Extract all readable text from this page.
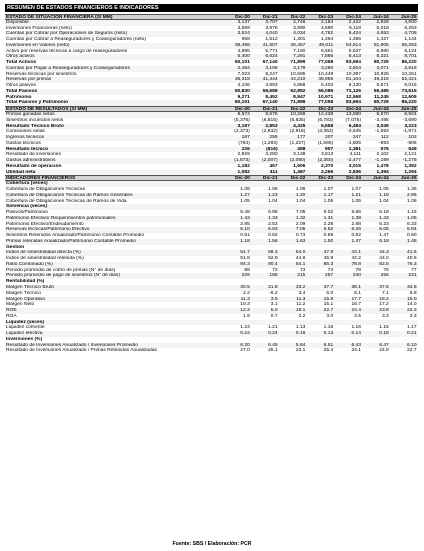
RESUMEN DE ESTADOS FINANCIEROS E INDICADORES
ESTADO DE SITUACION FINANCIERA (S/ MM)	Dic-20	Dic-21	Dic-22	Dic-23	Dic-24	Jun-24	Jun-25
Disponible	3,137	3,707	2,746	2,184	2,422	2,828	4,000
Inversiones Financieras (neto)	3,599	3,978	3,990	4,690	5,118	5,018	6,263
Cuentas por Cobrar por Operaciones de Seguros (neto)	3,624	4,040	4,034	4,782	5,424	4,653	4,705
Cuentas por Cobrar a Reaseguradores y Coaseguradores (neto)	958	1,512	1,301	1,464	1,266	1,427	1,144
Inversiones en Valores (neto)	38,498	41,507	45,457	49,011	54,514	51,905	55,263
Activo por reservas técnicas a cargo de reaseguradores	4,895	5,771	7,160	6,661	6,537	6,880	6,124
Otros activos	5,400	6,624	7,291	7,866	8,413	8,321	8,701
Total Activos	60,101	67,140	71,899	77,058	83,694	80,729	86,220
Cuentas por Pagar a Reaseguradores y Coaseguradores	2,484	3,108	3,179	3,280	3,504	3,071	2,918
Reservas técnicas por siniestros	7,023	9,247	10,695	10,449	10,387	10,826	10,261
Reservas por primas	36,318	41,444	44,210	48,955	51,104	49,215	52,421
Otros pasivos	4,106	4,893	4,868	5,403	6,130	6,571	8,015
Total Pasivos	50,830	58,688	62,952	66,086	71,126	69,485	73,615
Patrimonio	9,271	8,452	8,947	10,971	12,568	11,245	12,605
Total Pasivos y Patrimonio	60,101	67,140	71,899	77,058	83,694	80,729	86,220
ESTADO DE RESULTADOS (S/ MM)	Dic-20	Dic-21	Dic-22	Dic-23	Dic-24	Jun-24	Jun-25
Primas ganadas netas	8,574	9,675	10,268	12,438	13,590	6,570	6,924
Siniestros incurridos netos	(5,376)	(6,815)	(5,835)	(6,783)	(7,075)	-3,495	-3,690
Resultado Técnico Bruto	3,197	2,853	4,425	5,658	6,484	3,049	3,223
Comisiones netas	(2,373)	(2,832)	(2,916)	(3,362)	-3,545	-1,693	-1,871
Ingresos técnicos	187	255	177	207	247	112	102
Gastos técnicos	(784)	(1,293)	(1,227)	(1,595)	-1,805	-893	-906
Resultado técnico	226	(816)	458	907	1,381	575	549
Resultado de inversiones	2,829	3,280	3,138	3,813	4,111	2,102	2,121
Gastos administrativos	(1,873)	(2,007)	(2,090)	(2,350)	-2,477	-1,199	-1,278
Resultado de operación	1,182	457	1,506	2,370	3,015	1,478	1,392
Utilidad neta	1,082	411	1,487	2,266	2,836	1,394	1,294
INDICADORES FINANCIEROS	Dic-20	Dic-21	Dic-22	Dic-23	Dic-24	Jun-24	Jun-25
Cobertura (veces)
Cobertura de Obligaciones Técnicas	1.08	1.06	1.06	1.07	1.07	1.05	1.36
Cobertura de Obligaciones Técnicas de Ramos Generales	1.27	1.23	1.20	1.17	1.21	1.16	2.86
Cobertura de Obligaciones Técnicas de Ramos de Vida	1.05	1.04	1.04	1.05	1.05	1.04	1.06
Solvencia (veces)
Pasivos/Patrimonio	5.48	6.95	7.05	6.02	5.66	6.18	1.15
Patrimonio Efectivo/ Requerimientos patrimoniales	1.43	1.33	1.32	1.31	1.38	1.43	1.05
Patrimonio Efectivo/Endeudamiento	2.85	2.53	2.09	2.28	2.88	6.23	6.33
Reservas técnicas/Patrimonio Efectivo	6.10	6.93	7.05	6.62	6.26	6.05	5.84
Siniestros Retenidos Anualizado/Patrimonio Contable Promedio	0.61	0.82	0.73	0.69	0.62	1.47	0.60
Primas retenidas Anualizado/Patrimonio Contable Promedio	1.18	1.56	1.63	1.50	1.47	6.18	1.48
Gestión
Índice de siniestralidad directa (%)	51.7	59.3	54.0	47.8	43.1	44.3	41.6
Índice de siniestralidad retenida (%)	51.8	52.9	44.8	45.9	42.2	44.0	40.6
Ratio Combinado (%)	94.3	90.4	84.1	85.3	78.8	82.5	76.3
Periodo promedio de cobro de primas (N° de días)	88	72	73	74	78	76	77
Periodo promedio de pago de siniestros (N° de días)	229	186	215	257	240	256	231
Rentabilidad (%)
Margen Técnico Bruto	30.5	21.8	33.2	37.7	38.1	37.5	34.8
Margen Técnico	2.2	-6.2	3.4	6.0	8.1	7.1	5.9
Margen Operativo	11.3	3.5	11.3	15.8	17.7	18.2	15.0
Margen Neto	10.3	3.1	11.2	15.1	16.7	17.2	14.0
ROE	12.2	5.0	18.1	22.7	24.4	23.8	22.3
ROA	1.9	0.7	2.2	3.0	3.5	3.3	3.3
Liquidez (veces)
Liquidez corriente	1.24	1.21	1.13	1.16	1.16	1.15	1.17
Liquidez efectiva	0.24	0.24	0.16	0.13	0.14	0.18	0.21
Inversiones (%)
Resultado de Inversiones Anualizado / Inversiones Promedio	6.20	6.45	5.84	6.51	6.43	6.47	6.10
Resultado de Inversiones Anualizado / Primas Retenidas Anualizadas	27.0	25.1	23.1	25.4	24.1	24.9	22.7
Fuente: SBS / Elaboración: PCR
